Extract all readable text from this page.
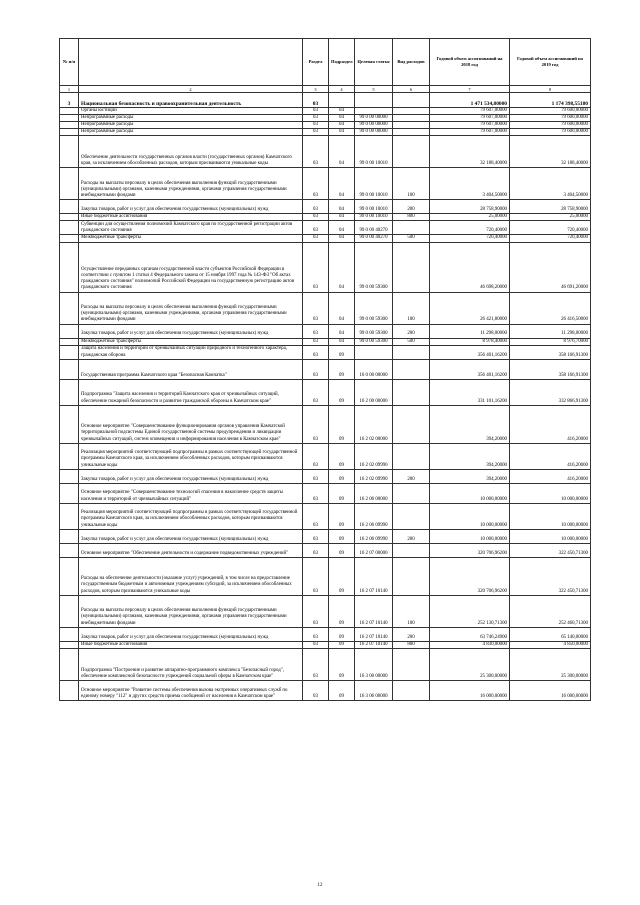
№ п/п		Раздел	Подраздел	Целевая статья	Вид расходов	Годовой объем ассигнований на 2018 год	Годовой объем ассигнований на 2019 год
1	2	3	4	5	6	7	8
3	Национальная безопасность и правоохранительная деятельность	03				1 471 534,80000	1 174 398,55180
	Органы юстиции	03	04			79 607,00000	79 600,00000
	Непрограммные расходы	03	04	99 0 00 00000		79 607,00000	79 600,00000
	Непрограммные расходы	03	04	99 0 00 00000		79 607,00000	79 600,00000
	Непрограммные расходы	03	04	99 0 00 00000		79 607,00000	79 600,00000
	Обеспечение деятельности государственных органов власти (государственных органов) Камчатского края, за исключением обособленных расходов, которым присваиваются уникальные коды	03	04	99 0 00 10010		32 188,40000	32 188,40000
	Расходы на выплаты персоналу в целях обеспечения выполнения функций государственными (муниципальными) органами, казенными учреждениями, органами управления государственными внебюджетными фондами	03	04	99 0 00 10010	100	3 404,50000	3 404,50000
	Закупка товаров, работ и услуг для обеспечения государственных (муниципальных) нужд	03	04	99 0 00 10010	200	28 758,90000	28 758,90000
	Иные бюджетные ассигнования	03	04	99 0 00 10010	800	25,00000	25,00000
	Субвенции для осуществления полномочий Камчатского края по государственной регистрации актов гражданского состояния	03	04	99 0 00 40270		720,40000	720,40000
	Межбюджетные трансферты	03	04	99 0 00 40270	500	720,40000	720,40000
	Осуществление переданных органам государственной власти субъектов Российской Федерации в соответствии с пунктом 1 статьи 4 Федерального закона от 15 ноября 1997 года № 143-ФЗ "Об актах гражданского состояния" полномочий Российской Федерации на государственную регистрацию актов гражданского состояния	03	04	99 0 00 59300		46 698,20000	46 691,20000
	Расходы на выплаты персоналу в целях обеспечения выполнения функций государственными (муниципальными) органами, казенными учреждениями, органами управления государственными внебюджетными фондами	03	04	99 0 00 59300	100	26 421,80000	26 416,50000
	Закупка товаров, работ и услуг для обеспечения государственных (муниципальных) нужд	03	04	99 0 00 59300	200	11 298,00000	11 298,00000
	Межбюджетные трансферты	03	04	99 0 00 59300	500	8 978,40000	8 976,70000
	Защита населения и территории от чрезвычайных ситуаций природного и техногенного характера, гражданская оборона	03	09			356 401,16200	358 166,91300
	Государственная программа Камчатского края "Безопасная Камчатка"	03	09	16 0 00 00000		356 401,16200	358 166,91300
	Подпрограмма "Защита населения и территорий Камчатского края от чрезвычайных ситуаций, обеспечение пожарной безопасности и развитие гражданской обороны в Камчатском крае"	03	09	16 2 00 00000		331 101,16200	332 866,91300
	Основное мероприятие "Совершенствование функционирования органов управления Камчатской территориальной подсистемы Единой государственной системы предупреждения и ликвидации чрезвычайных ситуаций, систем оповещения и информирования населения в Камчатском крае"	03	09	16 2 02 00000		394,20000	416,20000
	Реализация мероприятий соответствующей подпрограммы в рамках соответствующей государственной программы Камчатского края, за исключением обособленных расходов, которым присваиваются уникальные коды	03	09	16 2 02 09990		394,20000	416,20000
	Закупка товаров, работ и услуг для обеспечения государственных (муниципальных) нужд	03	09	16 2 02 09990	200	394,20000	416,20000
	Основное мероприятие "Совершенствование технологий спасения в накопление средств защиты населения и территорий от чрезвычайных ситуаций"	03	09	16 2 06 00000		10 000,00000	10 000,00000
	Реализация мероприятий соответствующей подпрограммы в рамках соответствующей государственной программы Камчатского края, за исключением обособленных расходов, которым присваиваются уникальные коды	03	09	16 2 06 09990		10 000,00000	10 000,00000
	Закупка товаров, работ и услуг для обеспечения государственных (муниципальных) нужд	03	09	16 2 06 09990	200	10 000,00000	10 000,00000
	Основное мероприятие "Обеспечение деятельности и содержание подведомственных учреждений"	03	09	16 2 07 00000		320 706,96200	322 450,71300
	Расходы на обеспечение деятельности (оказание услуг) учреждений, в том числе на предоставление государственным бюджетным и автономным учреждениям субсидий, за исключением обособленных расходов, которым присваиваются уникальные коды	03	09	16 2 07 10140		320 706,96200	322 450,71300
	Расходы на выплаты персоналу в целях обеспечения выполнения функций государственными (муниципальными) органами, казенными учреждениями, органами управления государственными внебюджетными фондами	03	09	16 2 07 10140	100	252 130,71300	252 460,71300
	Закупка товаров, работ и услуг для обеспечения государственных (муниципальных) нужд	03	09	16 2 07 10140	200	63 746,24900	65 140,00000
	Иные бюджетные ассигнования	03	09	16 2 07 10140	800	4 830,00000	4 850,00000
	Подпрограмма "Построение и развитие аппаратно-программного комплекса "Безопасный город", обеспечение комплексной безопасности учреждений социальной сферы в Камчатском крае"	03	09	16 3 00 00000		25 300,00000	25 300,00000
	Основное мероприятие "Развитие системы обеспечения вызова экстренных оперативных служб по единому номеру "112" и других средств приема сообщений от населения в Камчатском крае"	03	09	16 3 06 00000		16 000,00000	16 000,00000
12
